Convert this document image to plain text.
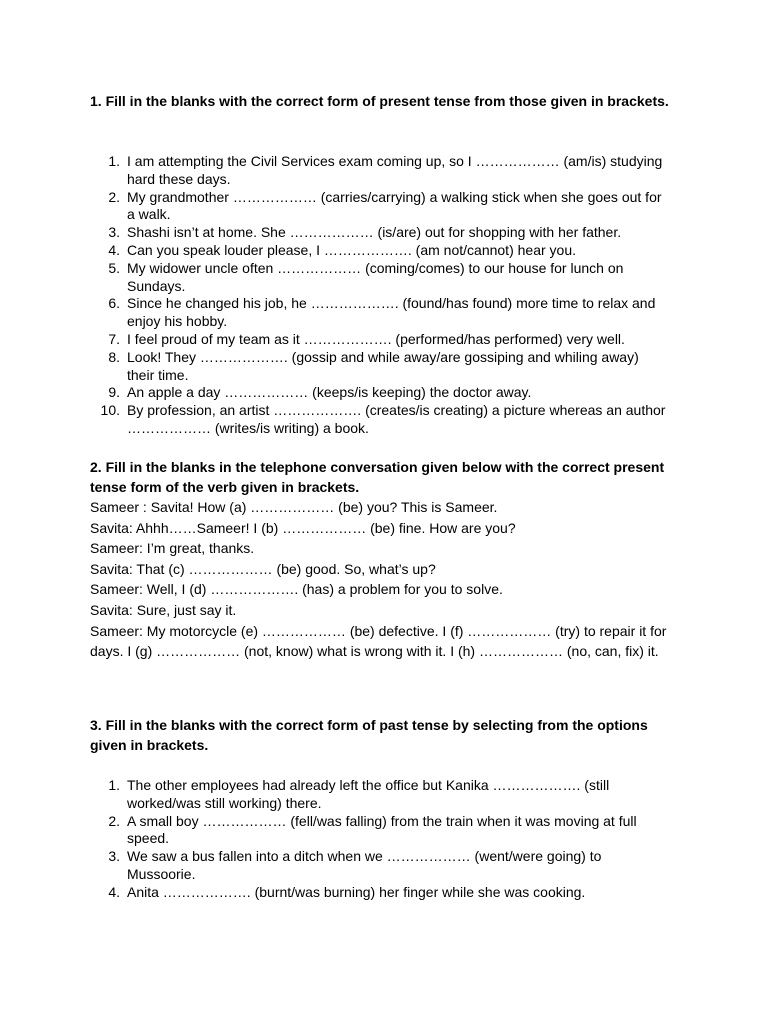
1. Fill in the blanks with the correct form of present tense from those given in brackets.

1. I am attempting the Civil Services exam coming up, so I ……………… (am/is) studying hard these days.
2. My grandmother ……………… (carries/carrying) a walking stick when she goes out for a walk.
3. Shashi isn’t at home. She ……………… (is/are) out for shopping with her father.
4. Can you speak louder please, I ………………. (am not/cannot) hear you.
5. My widower uncle often ……………… (coming/comes) to our house for lunch on Sundays.
6. Since he changed his job, he ………………. (found/has found) more time to relax and enjoy his hobby.
7. I feel proud of my team as it ………………. (performed/has performed) very well.
8. Look! They ………………. (gossip and while away/are gossiping and whiling away) their time.
9. An apple a day ……………… (keeps/is keeping) the doctor away.
10. By profession, an artist ………………. (creates/is creating) a picture whereas an author ……………… (writes/is writing) a book.

2. Fill in the blanks in the telephone conversation given below with the correct present tense form of the verb given in brackets.

Sameer : Savita! How (a) ……………… (be) you? This is Sameer.
Savita: Ahhh……Sameer! I (b) ……………… (be) fine. How are you?
Sameer: I’m great, thanks.
Savita: That (c) ……………… (be) good. So, what’s up?
Sameer: Well, I (d) ………………. (has) a problem for you to solve.
Savita: Sure, just say it.
Sameer: My motorcycle (e) ……………… (be) defective. I (f) ……………… (try) to repair it for days. I (g) ……………… (not, know) what is wrong with it. I (h) ……………… (no, can, fix) it.

3. Fill in the blanks with the correct form of past tense by selecting from the options given in brackets.

1. The other employees had already left the office but Kanika ………………. (still worked/was still working) there.
2. A small boy ……………… (fell/was falling) from the train when it was moving at full speed.
3. We saw a bus fallen into a ditch when we ……………… (went/were going) to Mussoorie.
4. Anita ………………. (burnt/was burning) her finger while she was cooking.
